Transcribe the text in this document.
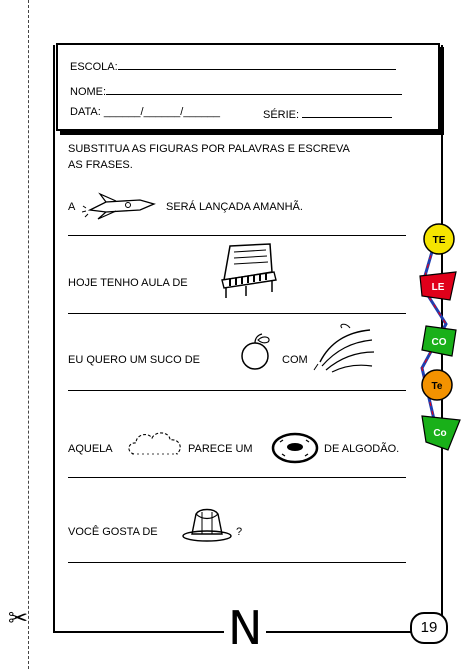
✂
ESCOLA:
NOME:
DATA: ______/______/______	SÉRIE:
SUBSTITUA AS FIGURAS POR PALAVRAS E ESCREVA
AS FRASES.
A	SERÁ LANÇADA AMANHÃ.
HOJE TENHO AULA DE
EU QUERO UM SUCO DE	COM
AQUELA	PARECE UM	DE ALGODÃO.
VOCÊ GOSTA DE	?
TE
LE
CO
Te
Co
N	19
